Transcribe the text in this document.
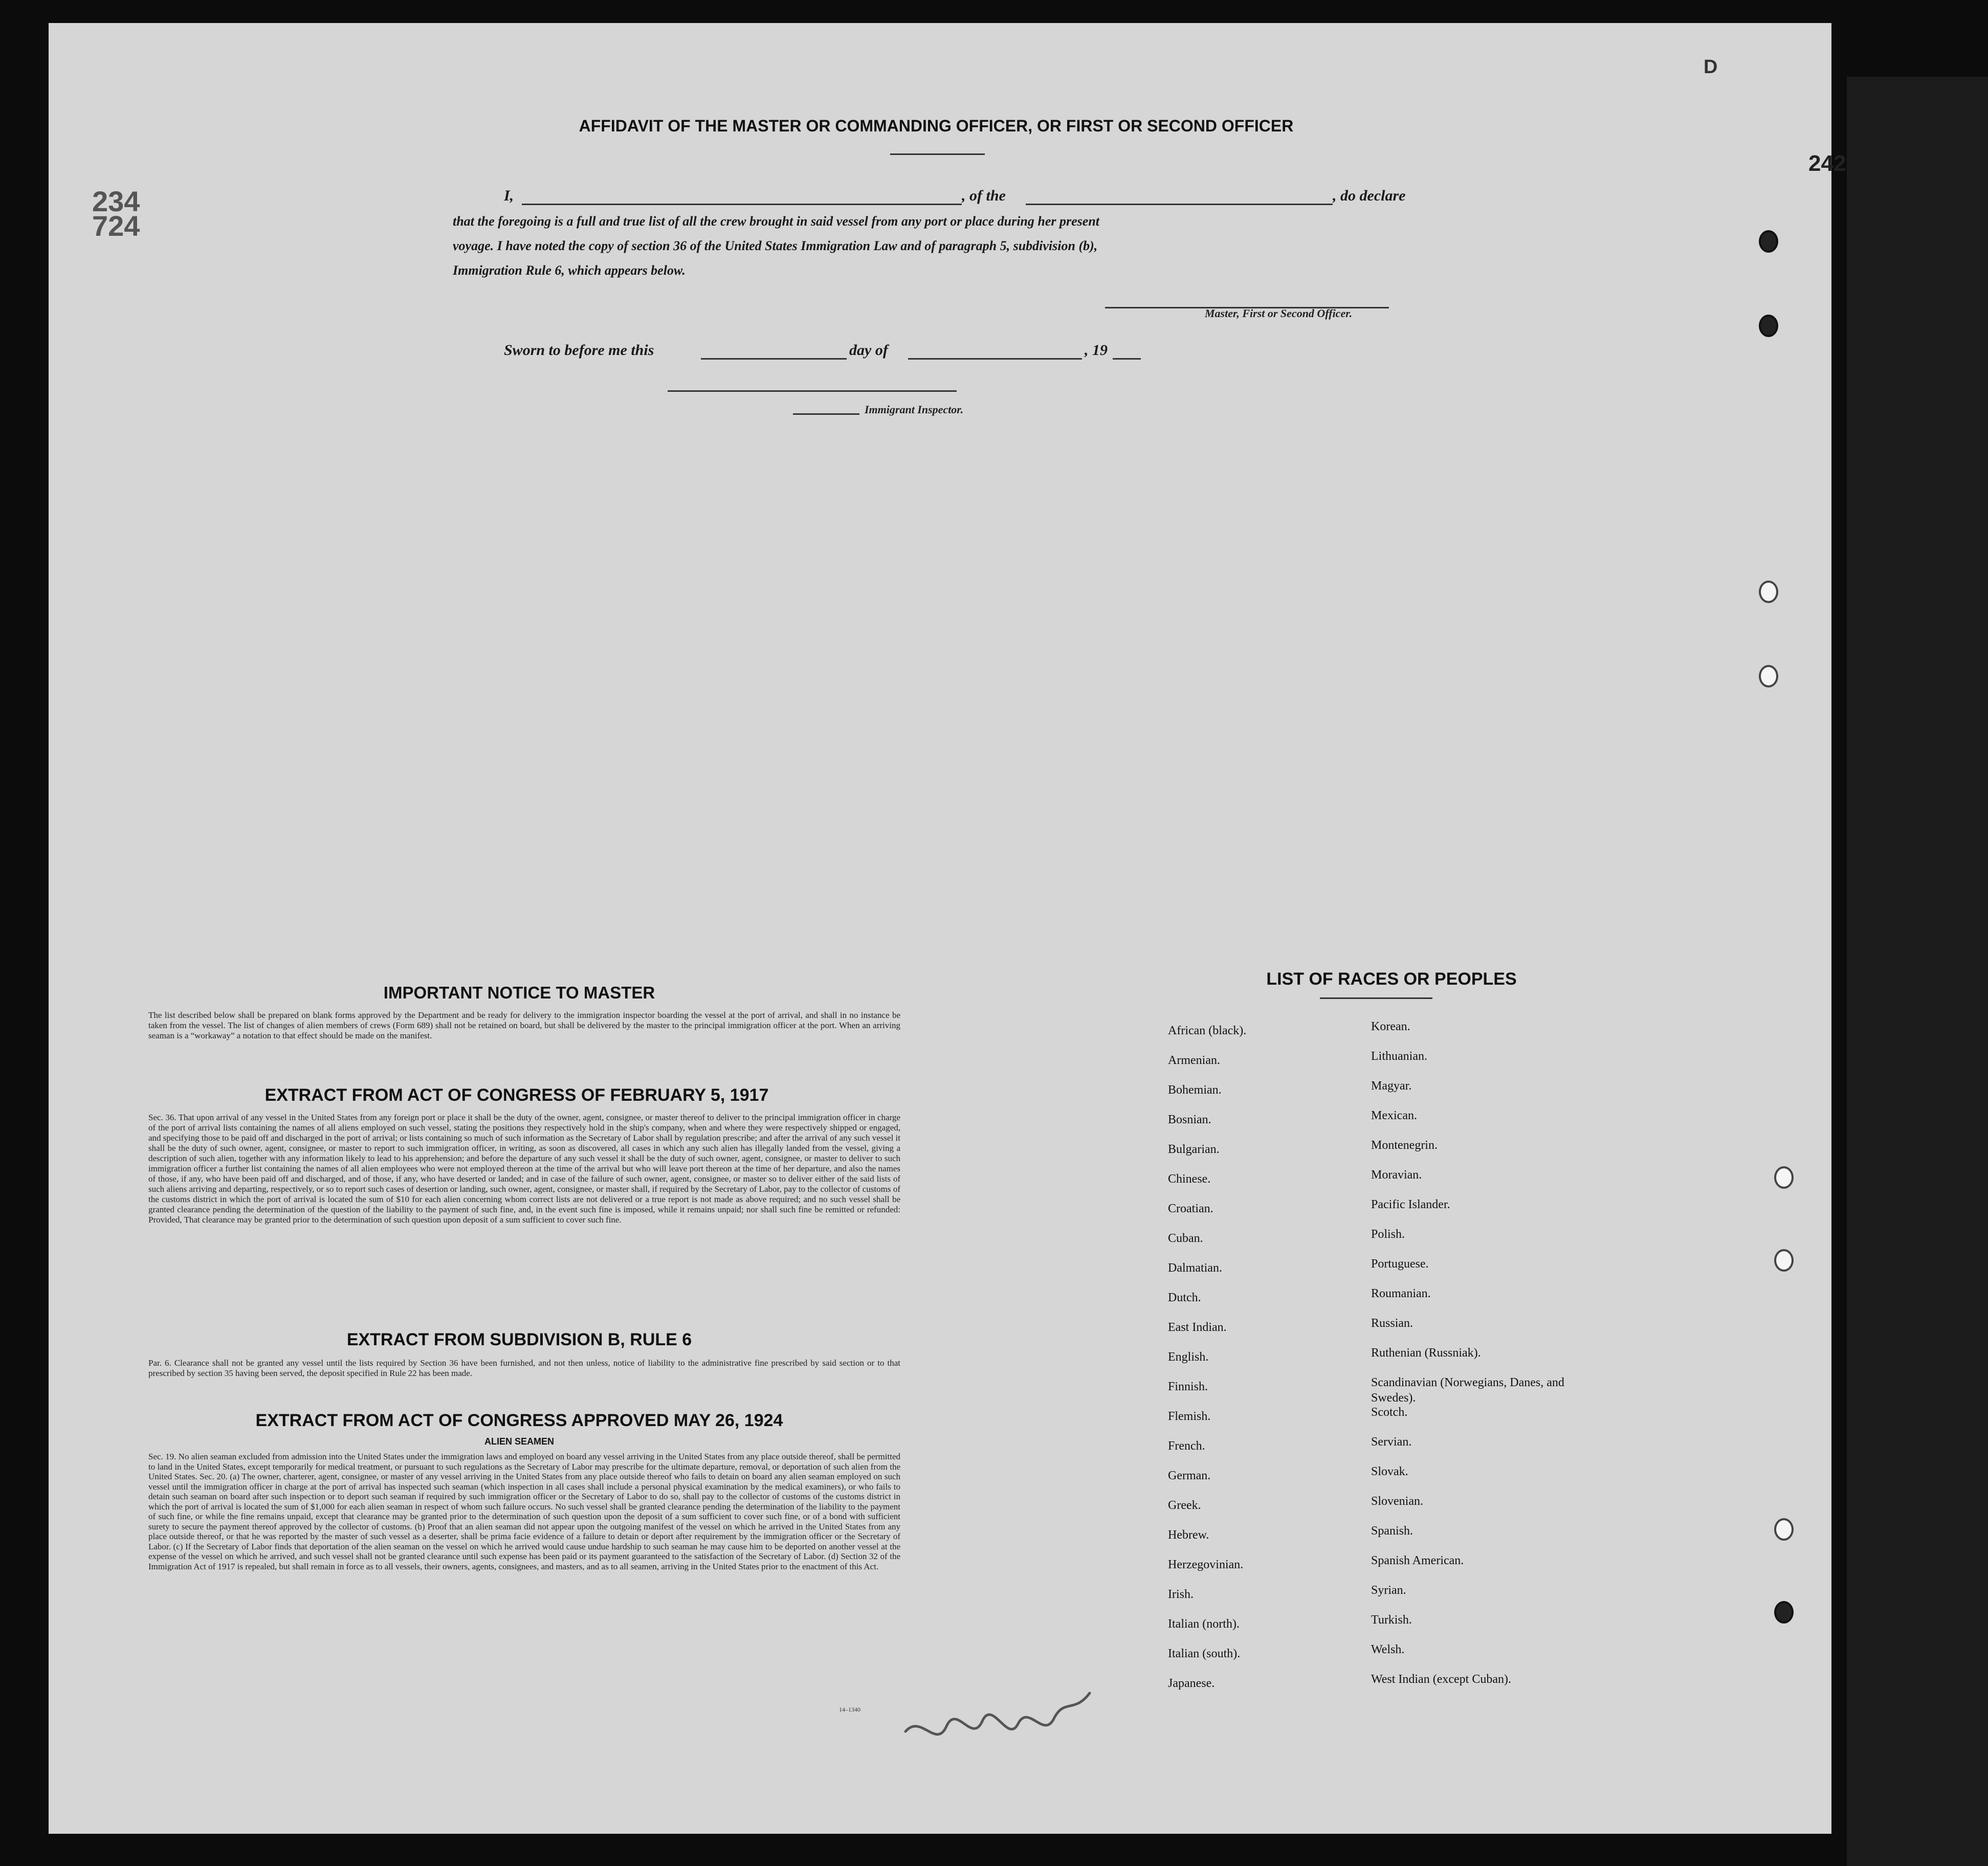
D
242
234
724
AFFIDAVIT OF THE MASTER OR COMMANDING OFFICER, OR FIRST OR SECOND OFFICER
I,	, of the	, do declare
that the foregoing is a full and true list of all the crew brought in said vessel from any port or place during her present
voyage. I have noted the copy of section 36 of the United States Immigration Law and of paragraph 5, subdivision (b),
Immigration Rule 6, which appears below.
Master, First or Second Officer.
Sworn to before me this	day of	, 19
Immigrant Inspector.
IMPORTANT NOTICE TO MASTER
The list described below shall be prepared on blank forms approved by the Department and be ready for delivery to the immigration inspector boarding the vessel at the port of arrival, and shall in no instance be taken from the vessel. The list of changes of alien members of crews (Form 689) shall not be retained on board, but shall be delivered by the master to the principal immigration officer at the port. When an arriving seaman is a “workaway” a notation to that effect should be made on the manifest.
EXTRACT FROM ACT OF CONGRESS OF FEBRUARY 5, 1917
Sec. 36. That upon arrival of any vessel in the United States from any foreign port or place it shall be the duty of the owner, agent, consignee, or master thereof to deliver to the principal immigration officer in charge of the port of arrival lists containing the names of all aliens employed on such vessel, stating the positions they respectively hold in the ship's company, when and where they were respectively shipped or engaged, and specifying those to be paid off and discharged in the port of arrival; or lists containing so much of such information as the Secretary of Labor shall by regulation prescribe; and after the arrival of any such vessel it shall be the duty of such owner, agent, consignee, or master to report to such immigration officer, in writing, as soon as discovered, all cases in which any such alien has illegally landed from the vessel, giving a description of such alien, together with any information likely to lead to his apprehension; and before the departure of any such vessel it shall be the duty of such owner, agent, consignee, or master to deliver to such immigration officer a further list containing the names of all alien employees who were not employed thereon at the time of the arrival but who will leave port thereon at the time of her departure, and also the names of those, if any, who have been paid off and discharged, and of those, if any, who have deserted or landed; and in case of the failure of such owner, agent, consignee, or master so to deliver either of the said lists of such aliens arriving and departing, respectively, or so to report such cases of desertion or landing, such owner, agent, consignee, or master shall, if required by the Secretary of Labor, pay to the collector of customs of the customs district in which the port of arrival is located the sum of $10 for each alien concerning whom correct lists are not delivered or a true report is not made as above required; and no such vessel shall be granted clearance pending the determination of the question of the liability to the payment of such fine, and, in the event such fine is imposed, while it remains unpaid; nor shall such fine be remitted or refunded: Provided, That clearance may be granted prior to the determination of such question upon deposit of a sum sufficient to cover such fine.
EXTRACT FROM SUBDIVISION B, RULE 6
Par. 6. Clearance shall not be granted any vessel until the lists required by Section 36 have been furnished, and not then unless, notice of liability to the administrative fine prescribed by said section or to that prescribed by section 35 having been served, the deposit specified in Rule 22 has been made.
EXTRACT FROM ACT OF CONGRESS APPROVED MAY 26, 1924
ALIEN SEAMEN
Sec. 19. No alien seaman excluded from admission into the United States under the immigration laws and employed on board any vessel arriving in the United States from any place outside thereof, shall be permitted to land in the United States, except temporarily for medical treatment, or pursuant to such regulations as the Secretary of Labor may prescribe for the ultimate departure, removal, or deportation of such alien from the United States. Sec. 20. (a) The owner, charterer, agent, consignee, or master of any vessel arriving in the United States from any place outside thereof who fails to detain on board any alien seaman employed on such vessel until the immigration officer in charge at the port of arrival has inspected such seaman (which inspection in all cases shall include a personal physical examination by the medical examiners), or who fails to detain such seaman on board after such inspection or to deport such seaman if required by such immigration officer or the Secretary of Labor to do so, shall pay to the collector of customs of the customs district in which the port of arrival is located the sum of $1,000 for each alien seaman in respect of whom such failure occurs. No such vessel shall be granted clearance pending the determination of the liability to the payment of such fine, or while the fine remains unpaid, except that clearance may be granted prior to the determination of such question upon the deposit of a sum sufficient to cover such fine, or of a bond with sufficient surety to secure the payment thereof approved by the collector of customs. (b) Proof that an alien seaman did not appear upon the outgoing manifest of the vessel on which he arrived in the United States from any place outside thereof, or that he was reported by the master of such vessel as a deserter, shall be prima facie evidence of a failure to detain or deport after requirement by the immigration officer or the Secretary of Labor. (c) If the Secretary of Labor finds that deportation of the alien seaman on the vessel on which he arrived would cause undue hardship to such seaman he may cause him to be deported on another vessel at the expense of the vessel on which he arrived, and such vessel shall not be granted clearance until such expense has been paid or its payment guaranteed to the satisfaction of the Secretary of Labor. (d) Section 32 of the Immigration Act of 1917 is repealed, but shall remain in force as to all vessels, their owners, agents, consignees, and masters, and as to all seamen, arriving in the United States prior to the enactment of this Act.
14–1340
LIST OF RACES OR PEOPLES
African (black).
Armenian.
Bohemian.
Bosnian.
Bulgarian.
Chinese.
Croatian.
Cuban.
Dalmatian.
Dutch.
East Indian.
English.
Finnish.
Flemish.
French.
German.
Greek.
Hebrew.
Herzegovinian.
Irish.
Italian (north).
Italian (south).
Japanese.
Korean.
Lithuanian.
Magyar.
Mexican.
Montenegrin.
Moravian.
Pacific Islander.
Polish.
Portuguese.
Roumanian.
Russian.
Ruthenian (Russniak).
Scandinavian (Norwegians, Danes, and Swedes).
Scotch.
Servian.
Slovak.
Slovenian.
Spanish.
Spanish American.
Syrian.
Turkish.
Welsh.
West Indian (except Cuban).
